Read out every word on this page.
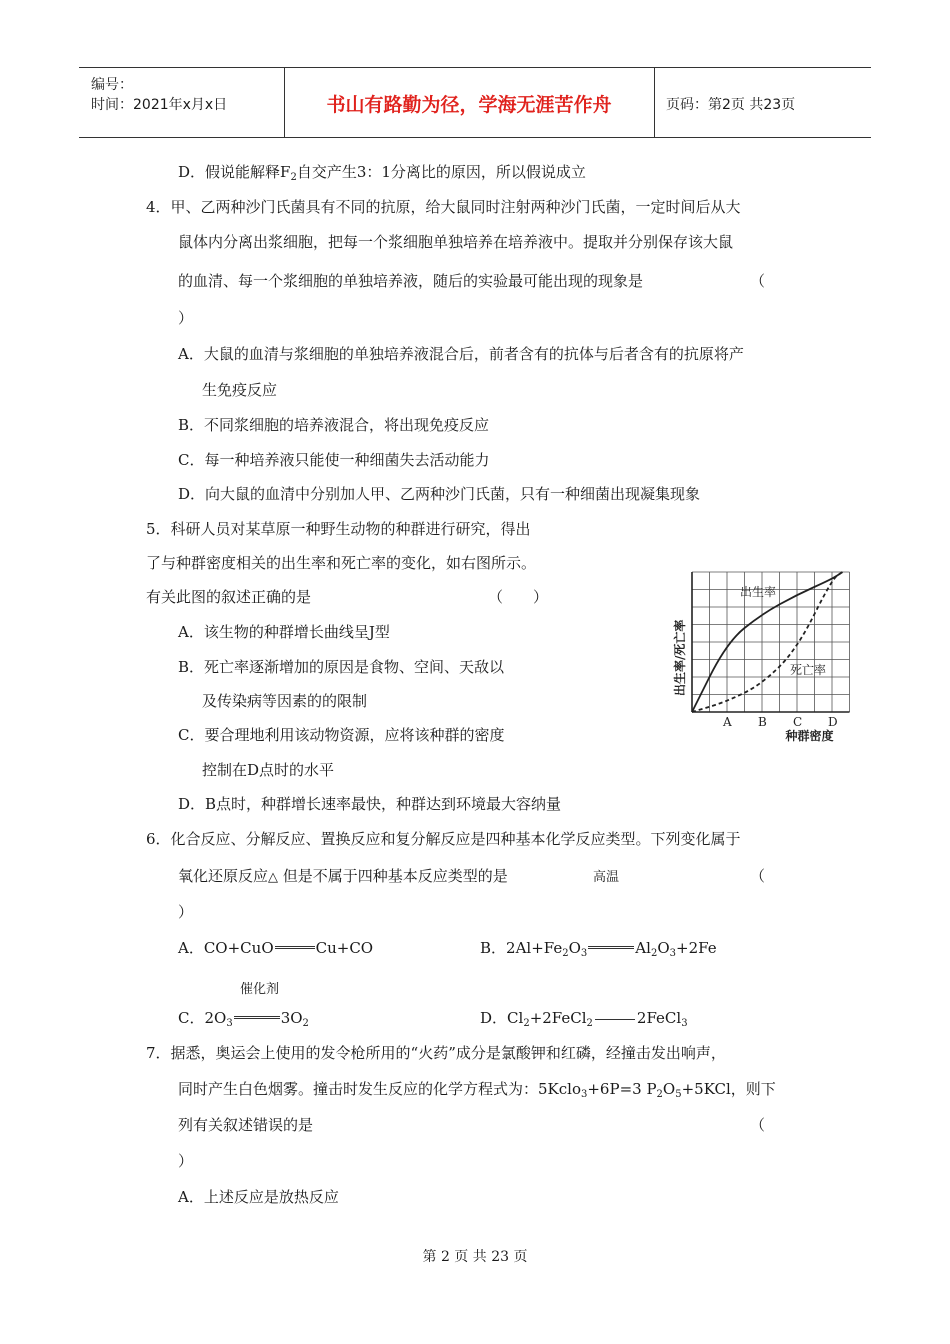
编号：
时间：2021年x月x日	书山有路勤为径，学海无涯苦作舟	页码：第2页 共23页
D．假说能解释$F_2$自交产生3：1分离比的原因，所以假说成立
4．甲、乙两种沙门氏菌具有不同的抗原，给大鼠同时注射两种沙门氏菌，一定时间后从大
鼠体内分离出浆细胞，把每一个浆细胞单独培养在培养液中。提取并分别保存该大鼠
的血清、每一个浆细胞的单独培养液，随后的实验最可能出现的现象是	（
）
A．大鼠的血清与浆细胞的单独培养液混合后，前者含有的抗体与后者含有的抗原将产
生免疫反应
B．不同浆细胞的培养液混合，将出现免疫反应
C．每一种培养液只能使一种细菌失去活动能力
D．向大鼠的血清中分别加人甲、乙两种沙门氏菌，只有一种细菌出现凝集现象
5．科研人员对某草原一种野生动物的种群进行研究，得出
了与种群密度相关的出生率和死亡率的变化，如右图所示。
有关此图的叙述正确的是	（　　）
A．该生物的种群增长曲线呈J型
B．死亡率逐渐增加的原因是食物、空间、天敌以
及传染病等因素的的限制
C．要合理地利用该动物资源，应将该种群的密度
控制在D点时的水平
D．B点时，种群增长速率最快，种群达到环境最大容纳量
出生率
死亡率
A B C D
种群密度
出生率/死亡率
6．化合反应、分解反应、置换反应和复分解反应是四种基本化学反应类型。下列变化属于
氧化还原反应△ 但是不属于四种基本反应类型的是	高温	（
）
A．CO+CuO	Cu+CO	B．$2Al+Fe_2O_3$	$Al_2O_3+2Fe$
催化剂
C．$2O_3$	$3O_2$	D．$Cl_2+2FeCl_2$	2FeCl$_3$
7．据悉，奥运会上使用的发令枪所用的“火药”成分是氯酸钾和红磷，经撞击发出响声，
同时产生白色烟雾。撞击时发生反应的化学方程式为：5Kclo$_3$+6P=3 $P_2O_5+5KCl$，则下
列有关叙述错误的是	（
）
A．上述反应是放热反应
第 2 页 共 23 页
